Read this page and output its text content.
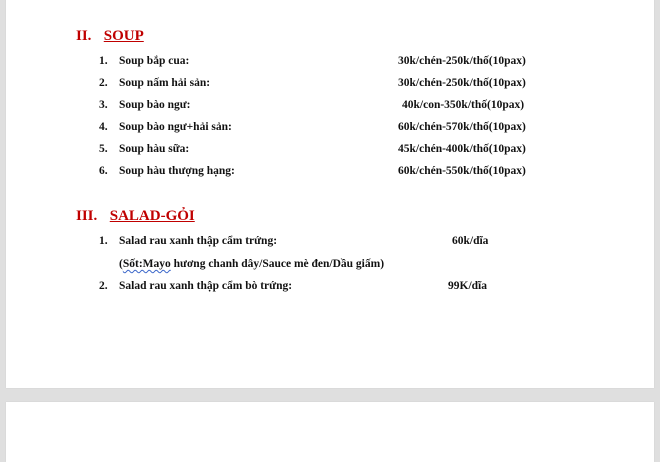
II. SOUP
1. Soup bắp cua:	30k/chén-250k/thố(10pax)
2. Soup nấm hải sản:	30k/chén-250k/thố(10pax)
3. Soup bào ngư:	40k/con-350k/thố(10pax)
4. Soup bào ngư+hải sản:	60k/chén-570k/thố(10pax)
5. Soup hàu sữa:	45k/chén-400k/thố(10pax)
6. Soup hàu thượng hạng:	60k/chén-550k/thố(10pax)
III. SALAD-GỎI
1. Salad rau xanh thập cẩm trứng:	60k/dĩa
(Sốt:Mayo hương chanh dây/Sauce mè đen/Dầu giấm)
2. Salad rau xanh thập cẩm bò trứng:	99K/dĩa
